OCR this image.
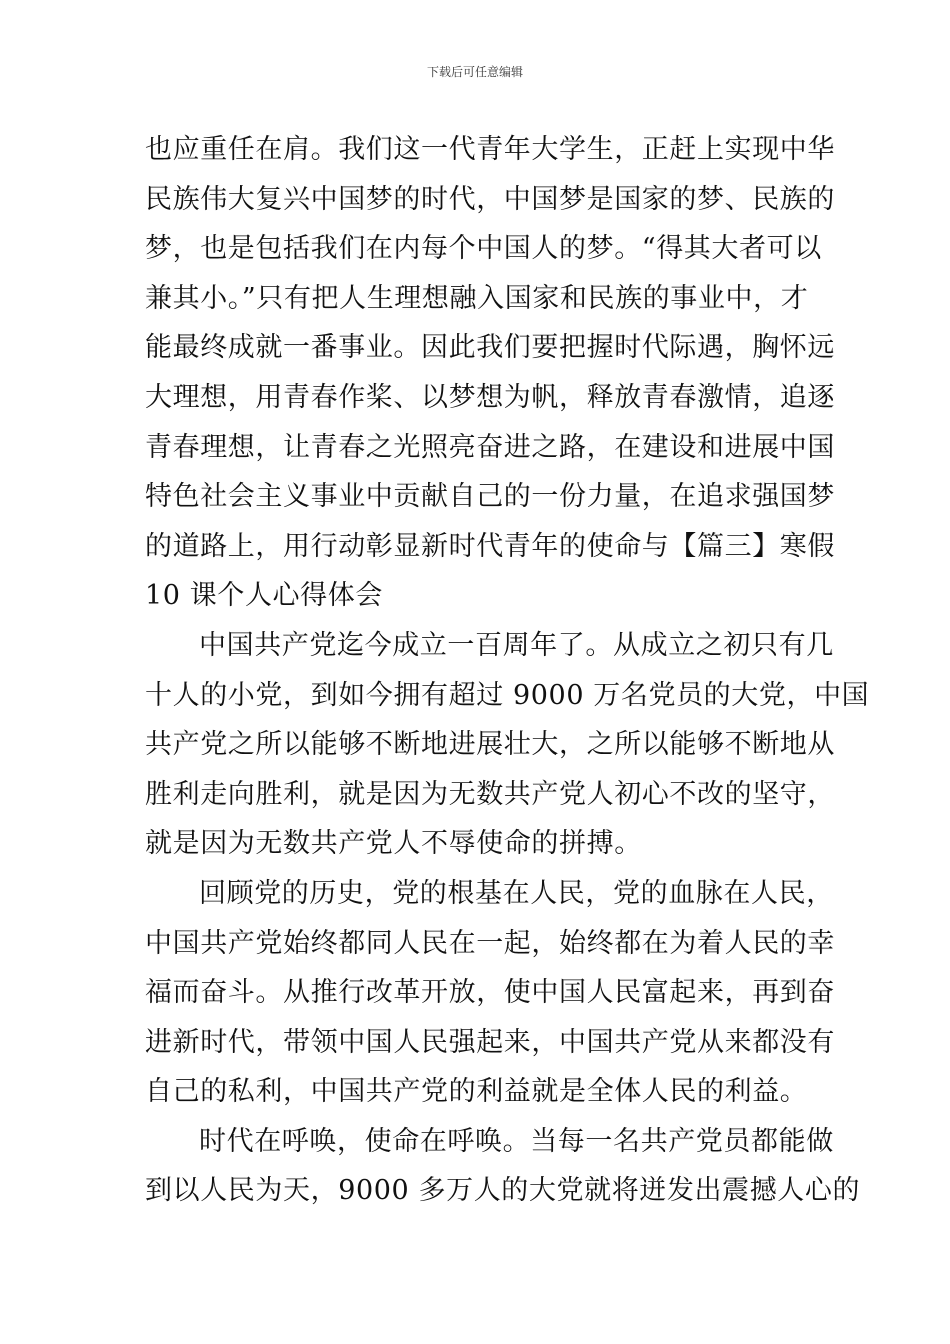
下载后可任意编辑

也应重任在肩。我们这一代青年大学生，正赶上实现中华
民族伟大复兴中国梦的时代，中国梦是国家的梦、民族的
梦，也是包括我们在内每个中国人的梦。“得其大者可以
兼其小。”只有把人生理想融入国家和民族的事业中，才
能最终成就一番事业。因此我们要把握时代际遇，胸怀远
大理想，用青春作桨、以梦想为帆，释放青春激情，追逐
青春理想，让青春之光照亮奋进之路，在建设和进展中国
特色社会主义事业中贡献自己的一份力量，在追求强国梦
的道路上，用行动彰显新时代青年的使命与【篇三】寒假
10 课个人心得体会

中国共产党迄今成立一百周年了。从成立之初只有几
十人的小党，到如今拥有超过 9000 万名党员的大党，中国
共产党之所以能够不断地进展壮大，之所以能够不断地从
胜利走向胜利，就是因为无数共产党人初心不改的坚守，
就是因为无数共产党人不辱使命的拼搏。

回顾党的历史，党的根基在人民，党的血脉在人民，
中国共产党始终都同人民在一起，始终都在为着人民的幸
福而奋斗。从推行改革开放，使中国人民富起来，再到奋
进新时代，带领中国人民强起来，中国共产党从来都没有
自己的私利，中国共产党的利益就是全体人民的利益。

时代在呼唤，使命在呼唤。当每一名共产党员都能做
到以人民为天，9000 多万人的大党就将迸发出震撼人心的
